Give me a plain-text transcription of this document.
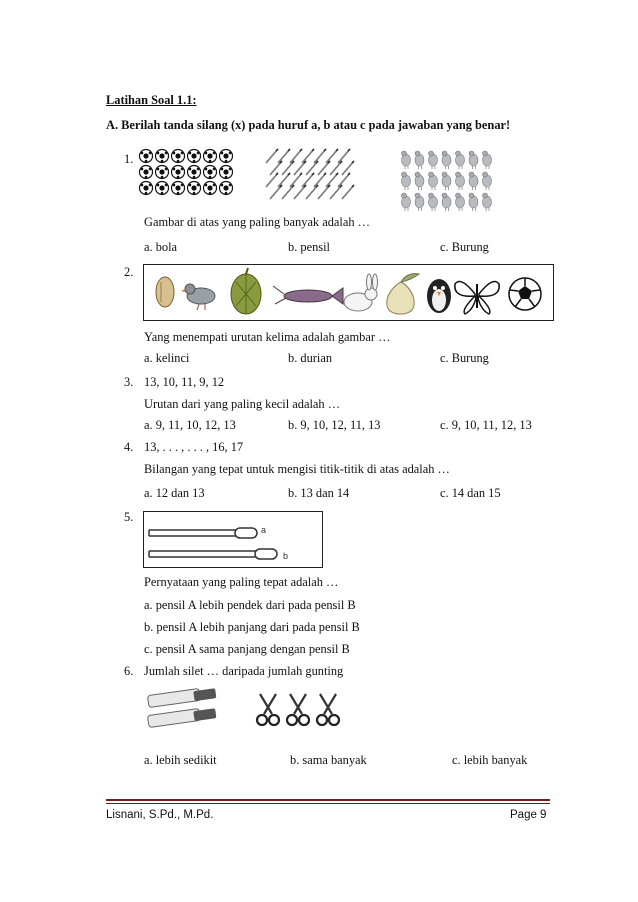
Latihan Soal 1.1:
A. Berilah tanda silang (x) pada huruf a, b atau c pada jawaban yang benar!
1.
Gambar di atas yang paling banyak adalah …
a. bola	b. pensil	c. Burung
2.
Yang menempati urutan kelima adalah gambar …
a. kelinci	b. durian	c. Burung
3. 13, 10, 11, 9, 12
Urutan dari yang paling kecil adalah …
a. 9, 11, 10, 12, 13	b. 9, 10, 12, 11, 13	c. 9, 10, 11, 12, 13
4. 13, . . . , . . . , 16, 17
Bilangan yang tepat untuk mengisi titik-titik di atas adalah …
a. 12 dan 13	b. 13 dan 14	c. 14 dan 15
5.
a
b
Pernyataan yang paling tepat adalah …
a. pensil A lebih pendek dari pada pensil B
b. pensil A lebih panjang dari pada pensil B
c. pensil A sama panjang dengan pensil B
6. Jumlah silet … daripada jumlah gunting
a. lebih sedikit	b. sama banyak	c. lebih banyak
Lisnani, S.Pd., M.Pd.	Page 9
